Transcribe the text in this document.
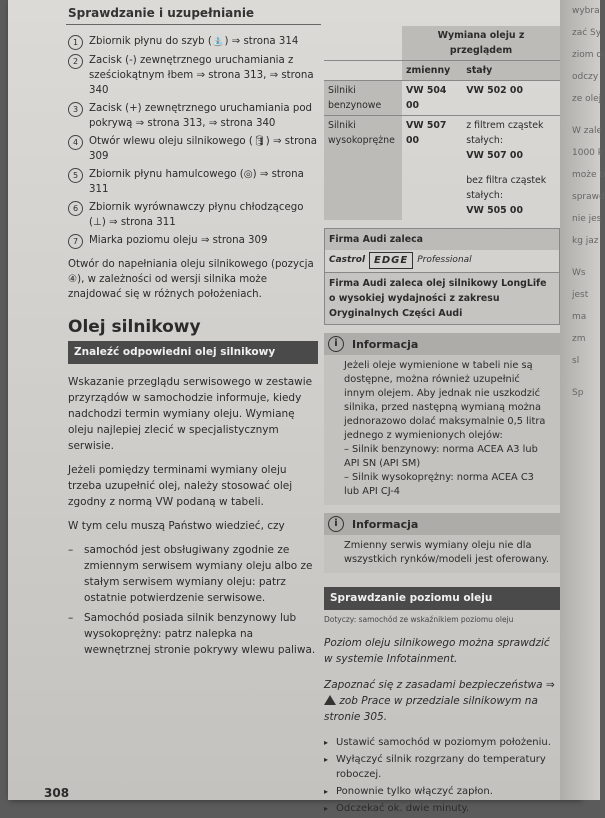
Sprawdzanie i uzupełnianie
1	Zbiornik płynu do szyb (⛲) ⇒ strona 314
2	Zacisk (-) zewnętrznego uruchamiania z sześciokątnym łbem ⇒ strona 313, ⇒ strona 340
3	Zacisk (+) zewnętrznego uruchamiania pod pokrywą ⇒ strona 313, ⇒ strona 340
4	Otwór wlewu oleju silnikowego (🛢) ⇒ strona 309
5	Zbiornik płynu hamulcowego (◎) ⇒ strona 311
6	Zbiornik wyrównawczy płynu chłodzącego (⊥) ⇒ strona 311
7	Miarka poziomu oleju ⇒ strona 309

Otwór do napełniania oleju silnikowego (pozycja ④), w zależności od wersji silnika może znajdować się w różnych położeniach.

Olej silnikowy
Znaleźć odpowiedni olej silnikowy

Wskazanie przeglądu serwisowego w zestawie przyrządów w samochodzie informuje, kiedy nadchodzi termin wymiany oleju. Wymianę oleju najlepiej zlecić w specjalistycznym serwisie.

Jeżeli pomiędzy terminami wymiany oleju trzeba uzupełnić olej, należy stosować olej zgodny z normą VW podaną w tabeli.

W tym celu muszą Państwo wiedzieć, czy

–	samochód jest obsługiwany zgodnie ze zmiennym serwisem wymiany oleju albo ze stałym serwisem wymiany oleju: patrz ostatnie potwierdzenie serwisowe.
–	Samochód posiada silnik benzynowy lub wysokoprężny: patrz nalepka na wewnętrznej stronie pokrywy wlewu paliwa.
	Wymiana oleju z przeglądem	
	zmienny	stały
Silniki benzynowe	VW 504 00	VW 502 00
Silniki wysokoprężne	VW 507 00	z filtrem cząstek stałych:
VW 507 00
bez filtra cząstek stałych:
VW 505 00
Firma Audi zaleca
Castrol EDGE	Professional
Firma Audi zaleca olej silnikowy LongLife o wysokiej wydajności z zakresu Oryginalnych Części Audi
i	Informacja
Jeżeli oleje wymienione w tabeli nie są dostępne, można również uzupełnić innym olejem. Aby jednak nie uszkodzić silnika, przed następną wymianą można jednorazowo dolać maksymalnie 0,5 litra jednego z wymienionych olejów:
– Silnik benzynowy: norma ACEA A3 lub API SN (API SM)
– Silnik wysokoprężny: norma ACEA C3 lub API CJ-4
i	Informacja
Zmienny serwis wymiany oleju nie dla wszystkich rynków/modeli jest oferowany.
Sprawdzanie poziomu oleju
Dotyczy: samochód ze wskaźnikiem poziomu oleju
Poziom oleju silnikowego można sprawdzić w systemie Infotainment.
Zapoznać się z zasadami bezpieczeństwa ⇒  zob Prace w przedziale silnikowym na stronie 305.
▸ Ustawić samochód w poziomym położeniu.
▸ Wyłączyć silnik rozgrzany do temperatury roboczej.
▸ Ponownie tylko włączyć zapłon.
▸ Odczekać ok. dwie minuty.
308
wybra
zać Sy
ziom ol
odczy
ze olej
W zale
1000 k
może b
sprawd
nie jes
kg jaz
Ws
jest
ma
zm
sl
Sp
